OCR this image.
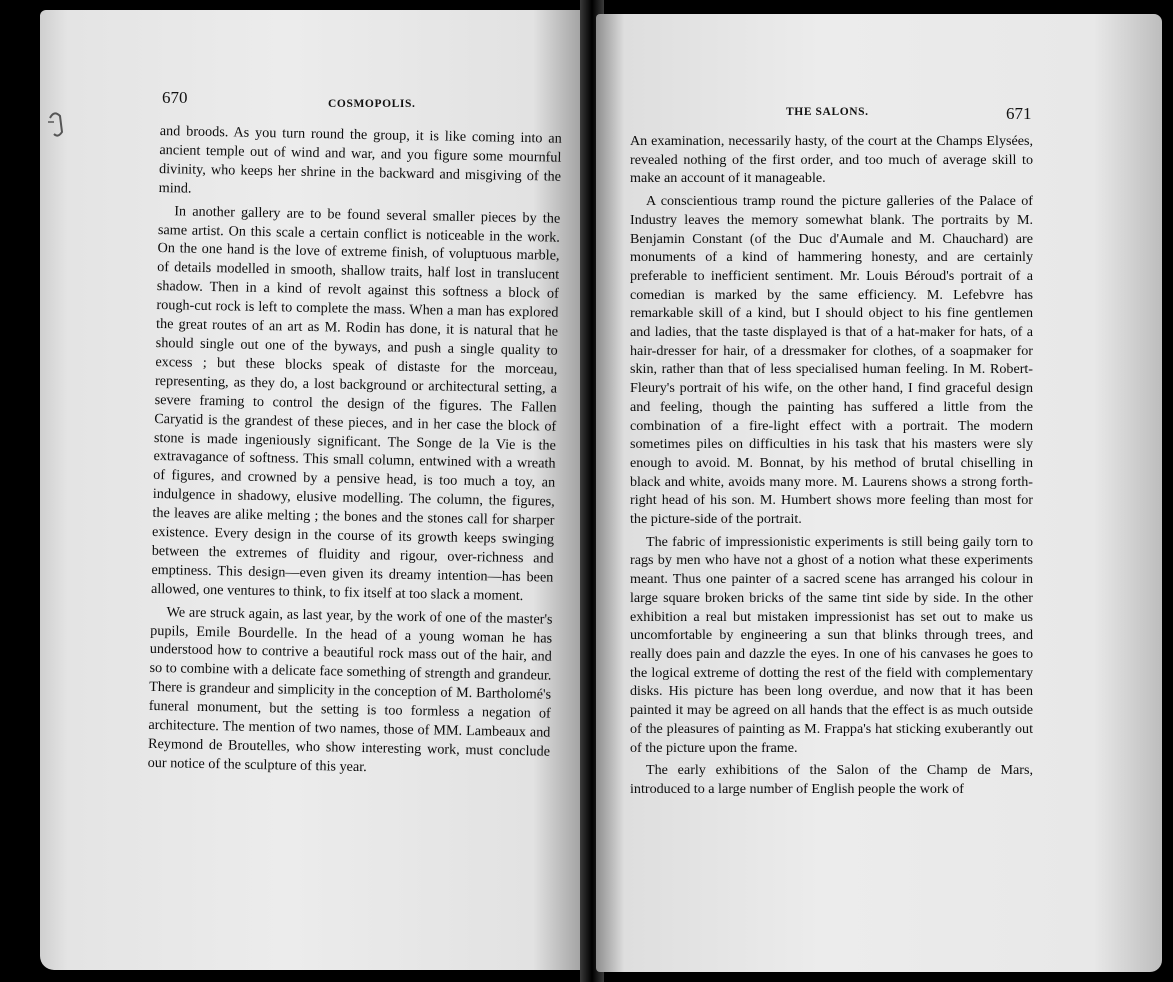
670	COSMOPOLIS.

and broods. As you turn round the group, it is like coming into an ancient temple out of wind and war, and you figure some mournful divinity, who keeps her shrine in the backward and misgiving of the mind.

In another gallery are to be found several smaller pieces by the same artist. On this scale a certain conflict is noticeable in the work. On the one hand is the love of extreme finish, of voluptuous marble, of details modelled in smooth, shallow traits, half lost in translucent shadow. Then in a kind of revolt against this softness a block of rough-cut rock is left to complete the mass. When a man has explored the great routes of an art as M. Rodin has done, it is natural that he should single out one of the byways, and push a single quality to excess ; but these blocks speak of distaste for the morceau, representing, as they do, a lost background or architectural setting, a severe framing to control the design of the figures. The Fallen Caryatid is the grandest of these pieces, and in her case the block of stone is made ingeniously significant. The Songe de la Vie is the extravagance of softness. This small column, entwined with a wreath of figures, and crowned by a pensive head, is too much a toy, an indulgence in shadowy, elusive modelling. The column, the figures, the leaves are alike melting ; the bones and the stones call for sharper existence. Every design in the course of its growth keeps swinging between the extremes of fluidity and rigour, over-richness and emptiness. This design—even given its dreamy intention—has been allowed, one ventures to think, to fix itself at too slack a moment.

We are struck again, as last year, by the work of one of the master's pupils, Emile Bourdelle. In the head of a young woman he has understood how to contrive a beautiful rock mass out of the hair, and so to combine with a delicate face something of strength and grandeur. There is grandeur and simplicity in the conception of M. Bartholomé's funeral monument, but the setting is too formless a negation of architecture. The mention of two names, those of MM. Lambeaux and Reymond de Broutelles, who show interesting work, must conclude our notice of the sculpture of this year.

THE SALONS.	671

An examination, necessarily hasty, of the court at the Champs Elysées, revealed nothing of the first order, and too much of average skill to make an account of it manageable.

A conscientious tramp round the picture galleries of the Palace of Industry leaves the memory somewhat blank. The portraits by M. Benjamin Constant (of the Duc d'Aumale and M. Chauchard) are monuments of a kind of hammering honesty, and are certainly preferable to inefficient sentiment. Mr. Louis Béroud's portrait of a comedian is marked by the same efficiency. M. Lefebvre has remarkable skill of a kind, but I should object to his fine gentlemen and ladies, that the taste displayed is that of a hat-maker for hats, of a hair-dresser for hair, of a dressmaker for clothes, of a soapmaker for skin, rather than that of less specialised human feeling. In M. Robert-Fleury's portrait of his wife, on the other hand, I find graceful design and feeling, though the painting has suffered a little from the combination of a fire-light effect with a portrait. The modern sometimes piles on difficulties in his task that his masters were sly enough to avoid. M. Bonnat, by his method of brutal chiselling in black and white, avoids many more. M. Laurens shows a strong forth-right head of his son. M. Humbert shows more feeling than most for the picture-side of the portrait.

The fabric of impressionistic experiments is still being gaily torn to rags by men who have not a ghost of a notion what these experiments meant. Thus one painter of a sacred scene has arranged his colour in large square broken bricks of the same tint side by side. In the other exhibition a real but mistaken impressionist has set out to make us uncomfortable by engineering a sun that blinks through trees, and really does pain and dazzle the eyes. In one of his canvases he goes to the logical extreme of dotting the rest of the field with complementary disks. His picture has been long overdue, and now that it has been painted it may be agreed on all hands that the effect is as much outside of the pleasures of painting as M. Frappa's hat sticking exuberantly out of the picture upon the frame.

The early exhibitions of the Salon of the Champ de Mars, introduced to a large number of English people the work of
